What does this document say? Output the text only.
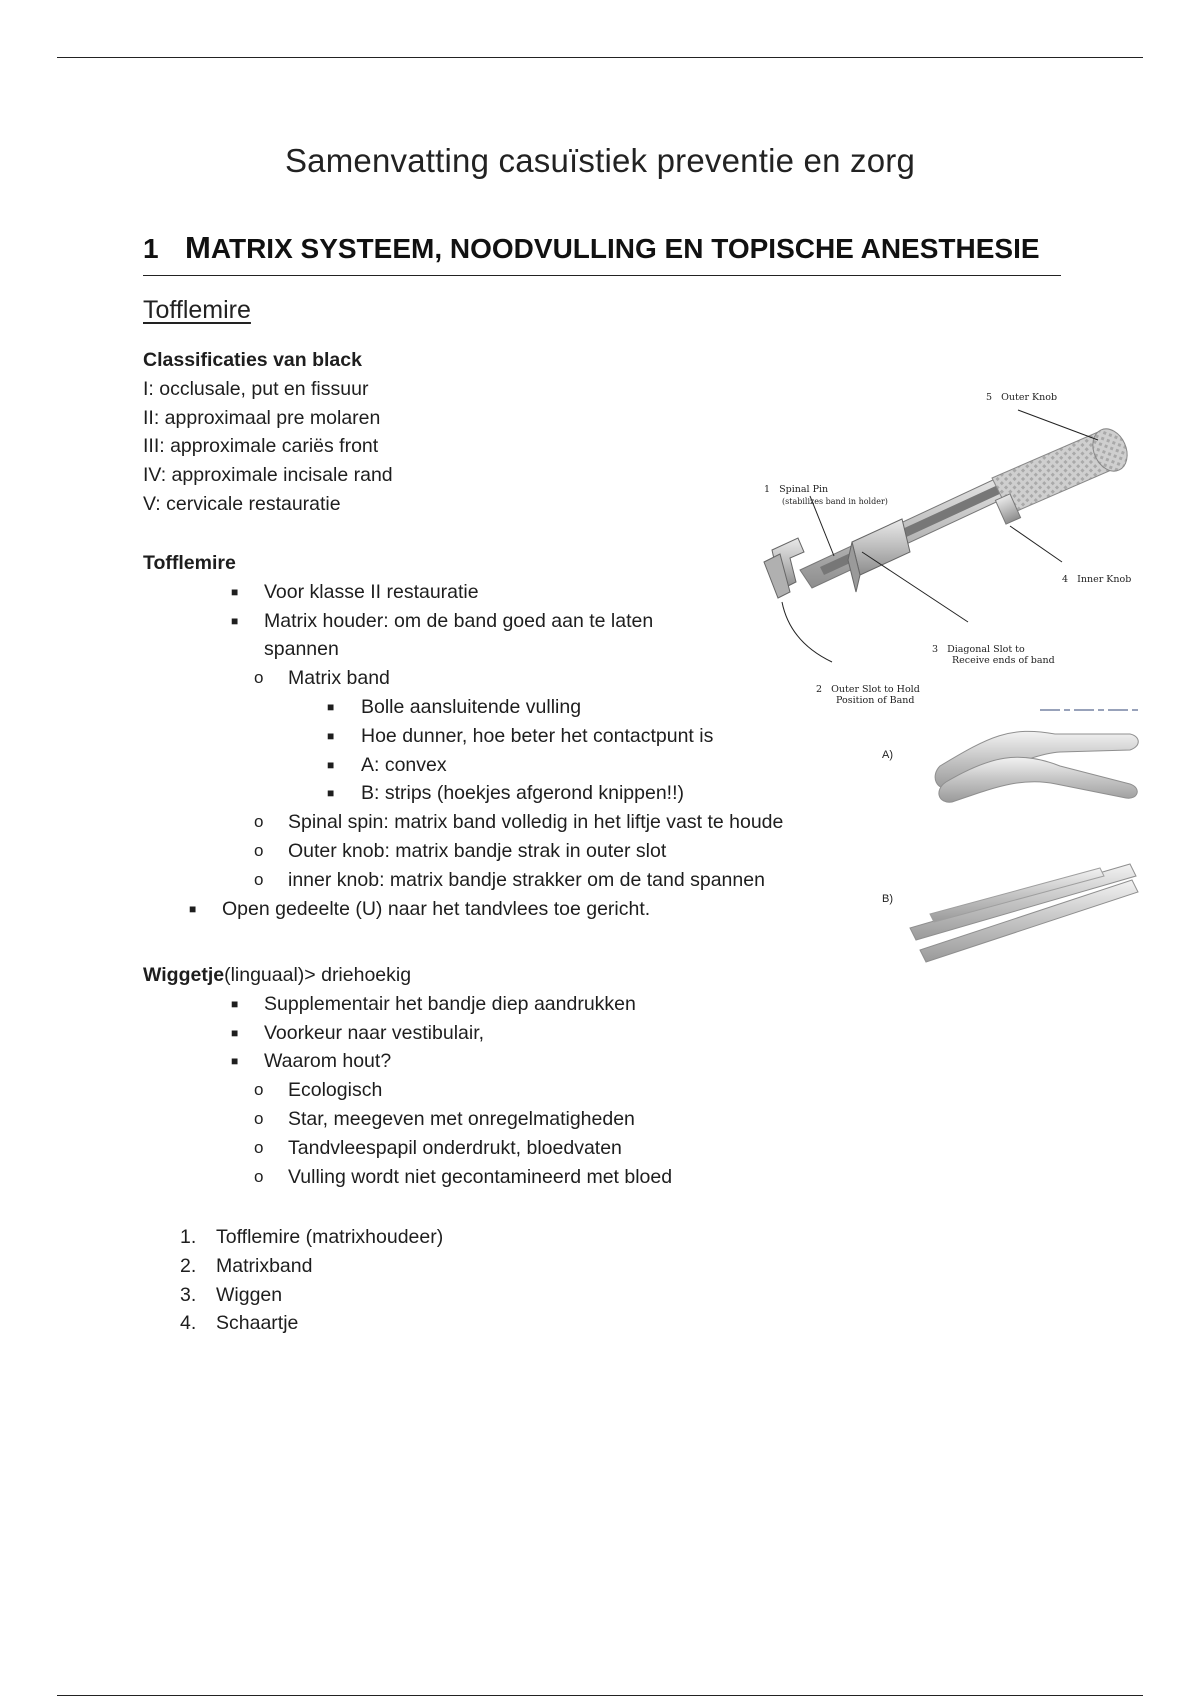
Samenvatting casuïstiek preventie en zorg
1 MATRIX SYSTEEM, NOODVULLING EN TOPISCHE ANESTHESIE
Tofflemire
Classificaties van black
I: occlusale, put en fissuur
II: approximaal pre molaren
III: approximale cariës front
IV: approximale incisale rand
V: cervicale restauratie
Tofflemire
■ Voor klasse II restauratie
■ Matrix houder: om de band goed aan te laten
spannen
o Matrix band
■ Bolle aansluitende vulling
■ Hoe dunner, hoe beter het contactpunt is
■ A: convex
■ B: strips (hoekjes afgerond knippen!!)
o Spinal spin: matrix band volledig in het liftje vast te houde
o Outer knob: matrix bandje strak in outer slot
o inner knob: matrix bandje strakker om de tand spannen
■ Open gedeelte (U) naar het tandvlees toe gericht.
Wiggetje(linguaal)> driehoekig
■ Supplementair het bandje diep aandrukken
■ Voorkeur naar vestibulair,
■ Waarom hout?
o Ecologisch
o Star, meegeven met onregelmatigheden
o Tandvleespapil onderdrukt, bloedvaten
o Vulling wordt niet gecontamineerd met bloed
1. Tofflemire (matrixhoudeer)
2. Matrixband
3. Wiggen
4. Schaartje
5   Outer Knob
1   Spinal Pin
(stabilizes band in holder)
4   Inner Knob
3   Diagonal Slot to
Receive ends of band
2   Outer Slot to Hold
Position of Band
A)
B)
